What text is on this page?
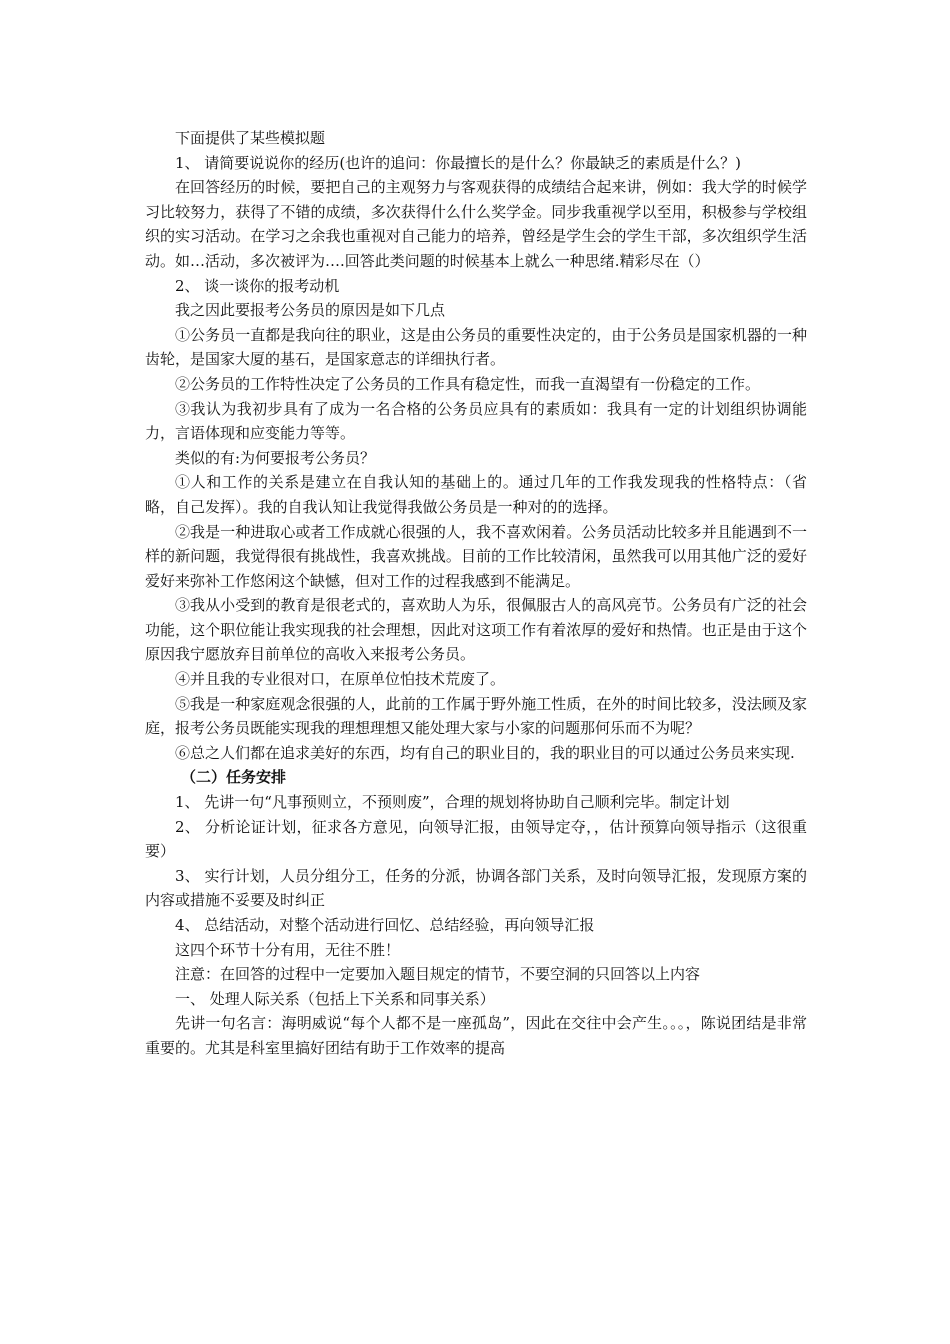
下面提供了某些模拟题

1、 请简要说说你的经历(也许的追问：你最擅长的是什么？你最缺乏的素质是什么？)

在回答经历的时候，要把自己的主观努力与客观获得的成绩结合起来讲，例如：我大学的时候学习比较努力，获得了不错的成绩，多次获得什么什么奖学金。同步我重视学以至用，积极参与学校组织的实习活动。在学习之余我也重视对自己能力的培养，曾经是学生会的学生干部，多次组织学生活动。如…活动，多次被评为….回答此类问题的时候基本上就么一种思绪.精彩尽在（）

2、 谈一谈你的报考动机

我之因此要报考公务员的原因是如下几点

①公务员一直都是我向往的职业，这是由公务员的重要性决定的，由于公务员是国家机器的一种齿轮，是国家大厦的基石，是国家意志的详细执行者。

②公务员的工作特性决定了公务员的工作具有稳定性，而我一直渴望有一份稳定的工作。

③我认为我初步具有了成为一名合格的公务员应具有的素质如：我具有一定的计划组织协调能力，言语体现和应变能力等等。

类似的有:为何要报考公务员？

①人和工作的关系是建立在自我认知的基础上的。通过几年的工作我发现我的性格特点：（省略，自己发挥）。我的自我认知让我觉得我做公务员是一种对的的选择。

②我是一种进取心或者工作成就心很强的人，我不喜欢闲着。公务员活动比较多并且能遇到不一样的新问题，我觉得很有挑战性，我喜欢挑战。目前的工作比较清闲，虽然我可以用其他广泛的爱好爱好来弥补工作悠闲这个缺憾，但对工作的过程我感到不能满足。

③我从小受到的教育是很老式的，喜欢助人为乐，很佩服古人的高风亮节。公务员有广泛的社会功能，这个职位能让我实现我的社会理想，因此对这项工作有着浓厚的爱好和热情。也正是由于这个原因我宁愿放弃目前单位的高收入来报考公务员。

④并且我的专业很对口，在原单位怕技术荒废了。

⑤我是一种家庭观念很强的人，此前的工作属于野外施工性质，在外的时间比较多，没法顾及家庭，报考公务员既能实现我的理想理想又能处理大家与小家的问题那何乐而不为呢？

⑥总之人们都在追求美好的东西，均有自己的职业目的，我的职业目的可以通过公务员来实现.

（二）任务安排

1、 先讲一句“凡事预则立，不预则废”，合理的规划将协助自己顺利完毕。制定计划

2、 分析论证计划，征求各方意见，向领导汇报，由领导定夺，，估计预算向领导指示（这很重要）

3、 实行计划，人员分组分工，任务的分派，协调各部门关系，及时向领导汇报，发现原方案的内容或措施不妥要及时纠正

4、 总结活动，对整个活动进行回忆、总结经验，再向领导汇报

这四个环节十分有用，无往不胜！

注意：在回答的过程中一定要加入题目规定的情节，不要空洞的只回答以上内容

一、 处理人际关系（包括上下关系和同事关系）

先讲一句名言：海明威说“每个人都不是一座孤岛”，因此在交往中会产生。。。，陈说团结是非常重要的。尤其是科室里搞好团结有助于工作效率的提高
